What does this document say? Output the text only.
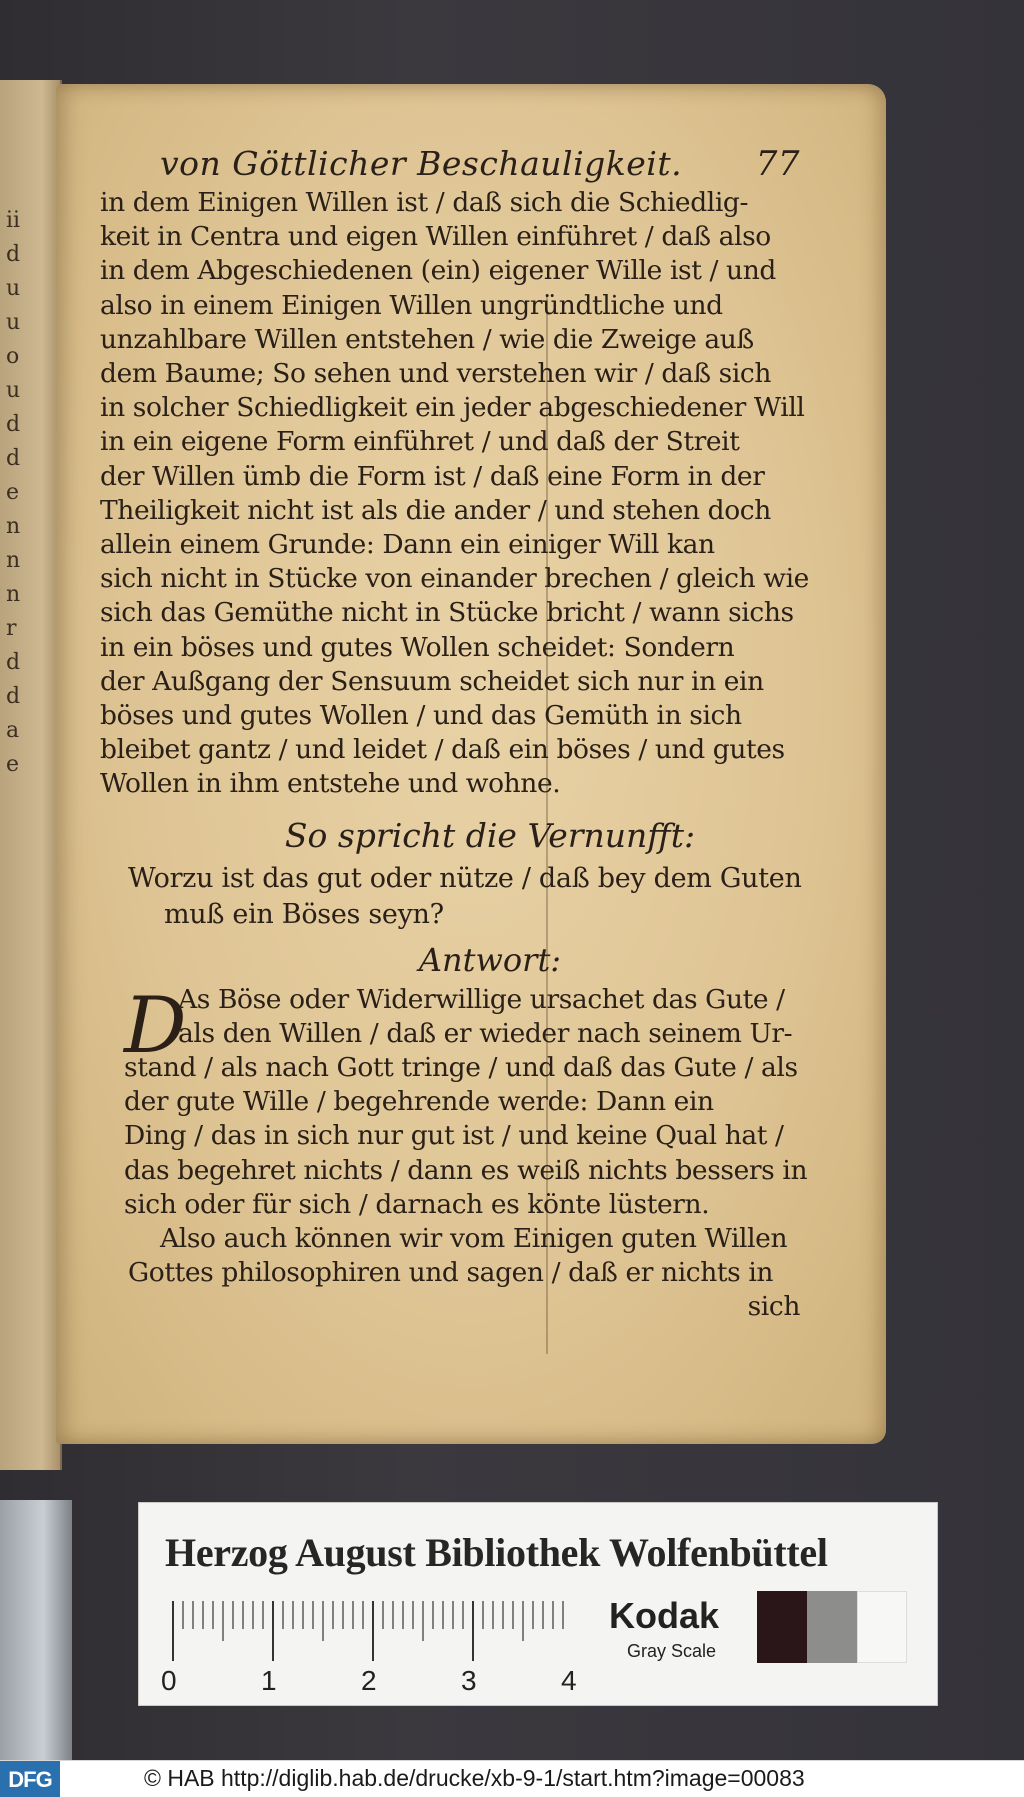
ii
d
u
u
o
u
d
d
e
n
n
n
r
d
d
a
e
von Göttlicher Beschauligkeit. 77
in dem Einigen Willen ist / daß sich die Schiedlig-
keit in Centra und eigen Willen einführet / daß also
in dem Abgeschiedenen (ein) eigener Wille ist / und
also in einem Einigen Willen ungründtliche und
unzahlbare Willen entstehen / wie die Zweige auß
dem Baume; So sehen und verstehen wir / daß sich
in solcher Schiedligkeit ein jeder abgeschiedener Will
in ein eigene Form einführet / und daß der Streit
der Willen ümb die Form ist / daß eine Form in der
Theiligkeit nicht ist als die ander / und stehen doch
allein einem Grunde: Dann ein einiger Will kan
sich nicht in Stücke von einander brechen / gleich wie
sich das Gemüthe nicht in Stücke bricht / wann sichs
in ein böses und gutes Wollen scheidet: Sondern
der Außgang der Sensuum scheidet sich nur in ein
böses und gutes Wollen / und das Gemüth in sich
bleibet gantz / und leidet / daß ein böses / und gutes
Wollen in ihm entstehe und wohne.
So spricht die Vernunfft:
Worzu ist das gut oder nütze / daß bey dem Guten
muß ein Böses seyn?
Antwort:
D
As Böse oder Widerwillige ursachet das Gute /
als den Willen / daß er wieder nach seinem Ur-
stand / als nach Gott tringe / und daß das Gute / als
der gute Wille / begehrende werde: Dann ein
Ding / das in sich nur gut ist / und keine Qual hat /
das begehret nichts / dann es weiß nichts bessers in
sich oder für sich / darnach es könte lüstern.
Also auch können wir vom Einigen guten Willen
Gottes philosophiren und sagen / daß er nichts in
sich
Herzog August Bibliothek Wolfenbüttel
0	1	2	3	4
Kodak
Gray Scale
DFG	© HAB http://diglib.hab.de/drucke/xb-9-1/start.htm?image=00083
